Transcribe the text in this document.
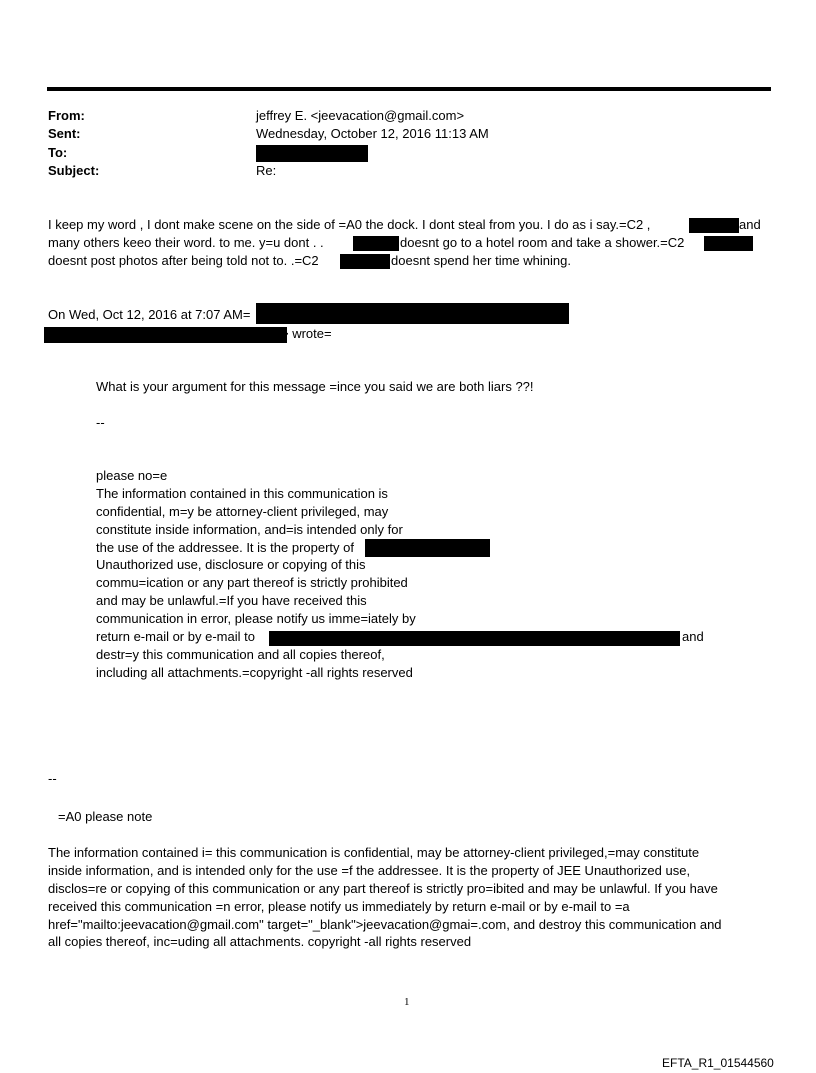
From:	jeffrey E. <jeevacation@gmail.com>
Sent:	Wednesday, October 12, 2016 11:13 AM
To:
Subject:	Re:
I keep my word , I dont make scene on the side of =A0 the dock. I dont steal from you. I do as i say.=C2 ,	and
many others keeo their word. to me. y=u dont . .	doesnt go to a hotel room and take a shower.=C2
doesnt post photos after being told not to. .=C2	doesnt spend her time whining.
On Wed, Oct 12, 2016 at 7:07 AM=
> wrote=
What is your argument for this message =ince you said we are both liars ??!
--
please no=e
The information contained in this communication is
confidential, m=y be attorney-client privileged, may
constitute inside information, and=is intended only for
the use of the addressee. It is the property of
Unauthorized use, disclosure or copying of this
commu=ication or any part thereof is strictly prohibited
and may be unlawful.=If you have received this
communication in error, please notify us imme=iately by
return e-mail or by e-mail to	and
destr=y this communication and all copies thereof,
including all attachments.=copyright -all rights reserved
--
=A0 please note
The information contained i= this communication is confidential, may be attorney-client privileged,=may constitute
inside information, and is intended only for the use =f the addressee. It is the property of JEE Unauthorized use,
disclos=re or copying of this communication or any part thereof is strictly pro=ibited and may be unlawful. If you have
received this communication =n error, please notify us immediately by return e-mail or by e-mail to =a
href="mailto:jeevacation@gmail.com" target="_blank">jeevacation@gmai=.com, and destroy this communication and
all copies thereof, inc=uding all attachments. copyright -all rights reserved
1
EFTA_R1_01544560
